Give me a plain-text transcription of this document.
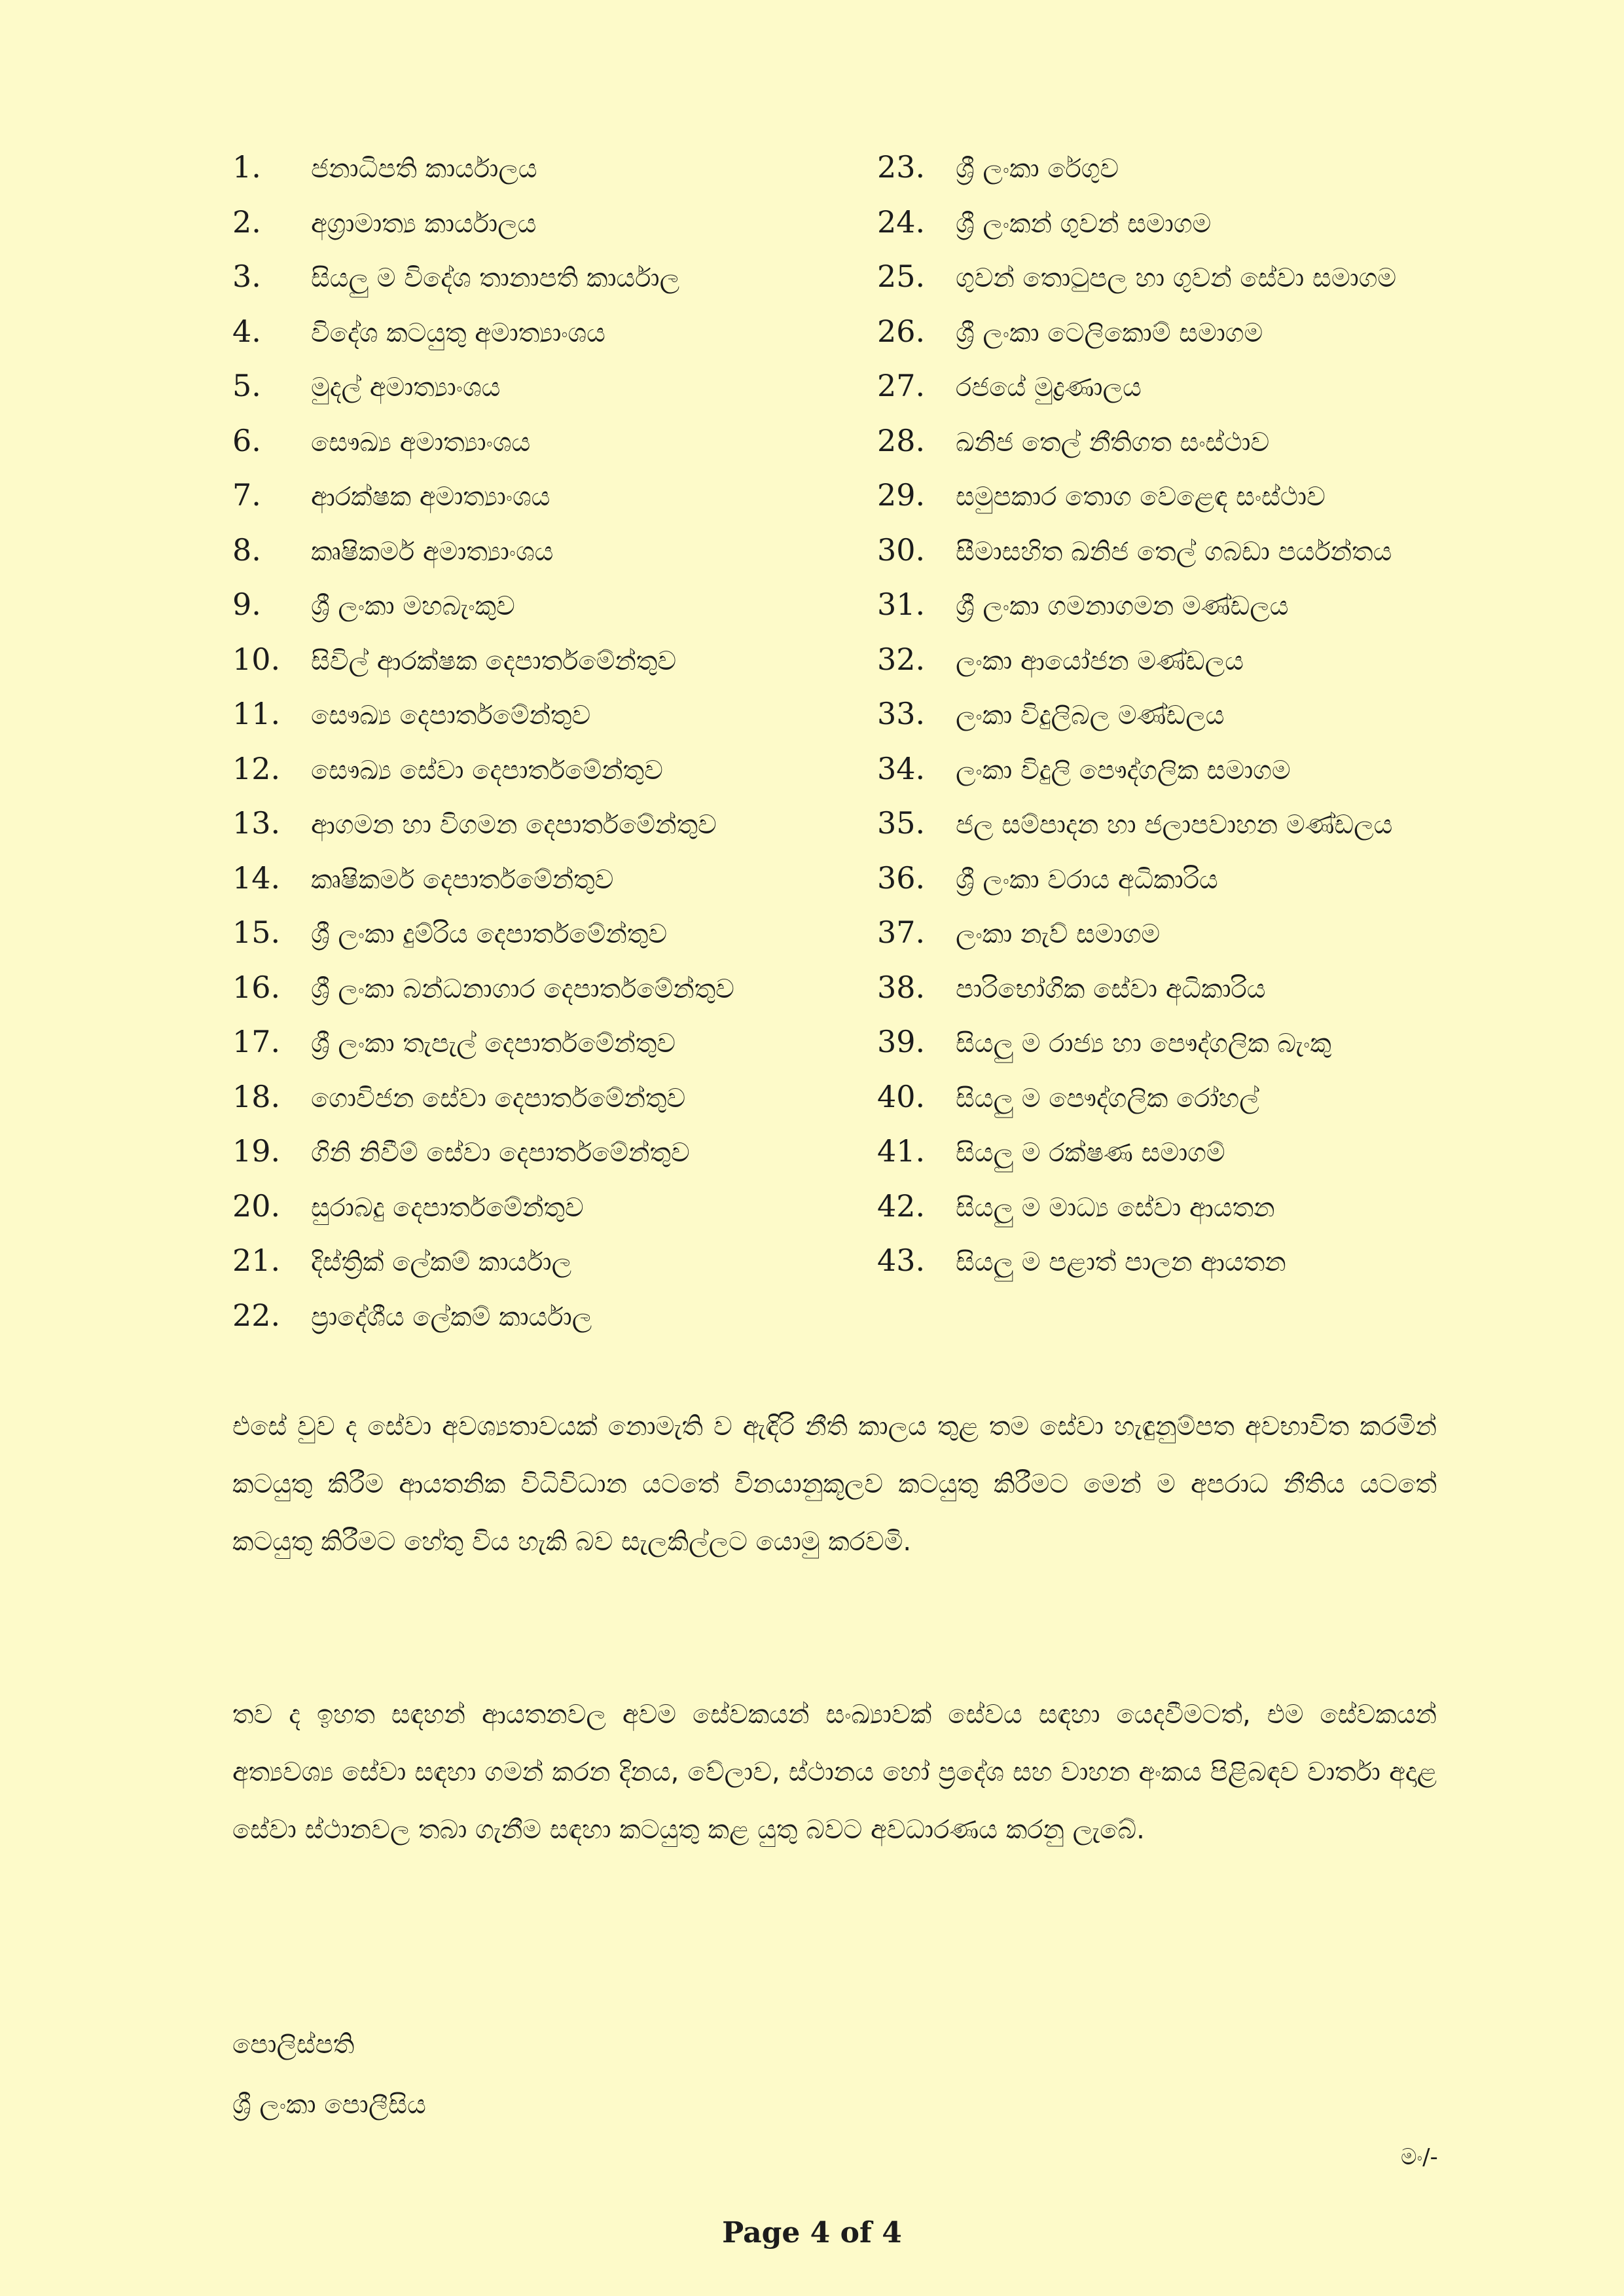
1.	ජනාධිපති කාර්යාලය
2.	අග්‍රාමාත්‍ය කාර්යාලය
3.	සියලු ම විදේශ තානාපති කාර්යාල
4.	විදේශ කටයුතු අමාත්‍යාංශය
5.	මුදල් අමාත්‍යාංශය
6.	සෞඛ්‍ය අමාත්‍යාංශය
7.	ආරක්ෂක අමාත්‍යාංශය
8.	කෘෂිකර්ම අමාත්‍යාංශය
9.	ශ්‍රී ලංකා මහබැංකුව
10.	සිවිල් ආරක්ෂක දෙපාර්තමේන්තුව
11.	සෞඛ්‍ය දෙපාර්තමේන්තුව
12.	සෞඛ්‍ය සේවා දෙපාර්තමේන්තුව
13.	ආගමන හා විගමන දෙපාර්තමේන්තුව
14.	කෘෂිකර්ම දෙපාර්තමේන්තුව
15.	ශ්‍රී ලංකා දුම්රිය දෙපාර්තමේන්තුව
16.	ශ්‍රී ලංකා බන්ධනාගාර දෙපාර්තමේන්තුව
17.	ශ්‍රී ලංකා තැපැල් දෙපාර්තමේන්තුව
18.	ගොවිජන සේවා දෙපාර්තමේන්තුව
19.	ගිනි නිවීම් සේවා දෙපාර්තමේන්තුව
20.	සුරාබදු දෙපාර්තමේන්තුව
21.	දිස්ත්‍රික් ලේකම් කාර්යාල
22.	ප්‍රාදේශීය ලේකම් කාර්යාල
23.	ශ්‍රී ලංකා රේගුව
24.	ශ්‍රී ලංකන් ගුවන් සමාගම
25.	ගුවන් තොටුපල හා ගුවන් සේවා සමාගම
26.	ශ්‍රී ලංකා ටෙලිකොම් සමාගම
27.	රජයේ මුද්‍රණාලය
28.	ඛනිජ තෙල් නීතිගත සංස්ථාව
29.	සමුපකාර තොග වෙළෙඳ සංස්ථාව
30.	සීමාසහිත ඛනිජ තෙල් ගබඩා පර්යන්තය
31.	ශ්‍රී ලංකා ගමනාගමන මණ්ඩලය
32.	ලංකා ආයෝජන මණ්ඩලය
33.	ලංකා විදුලිබල මණ්ඩලය
34.	ලංකා විදුලි පෞද්ගලික සමාගම
35.	ජල සම්පාදන හා ජලාපවාහන මණ්ඩලය
36.	ශ්‍රී ලංකා වරාය අධිකාරිය
37.	ලංකා නැව් සමාගම
38.	පාරිභෝගික සේවා අධිකාරිය
39.	සියලු ම රාජ්‍ය හා පෞද්ගලික බැංකු
40.	සියලු ම පෞද්ගලික රෝහල්
41.	සියලු ම රක්ෂණ සමාගම්
42.	සියලු ම මාධ්‍ය සේවා ආයතන
43.	සියලු ම පළාත් පාලන ආයතන
එසේ වුව ද සේවා අවශ්‍යතාවයක් නොමැති ව ඇඳිරි නීති කාලය තුළ තම සේවා හැඳුනුම්පත අවභාවිත කරමින් කටයුතු කිරීම ආයතනික විධිවිධාන යටතේ විනයානුකූලව කටයුතු කිරීමට මෙන් ම අපරාධ නීතිය යටතේ කටයුතු කිරීමට හේතු විය හැකි බව සැලකිල්ලට යොමු කරවමි.
තව ද ඉහත සඳහන් ආයතනවල අවම සේවකයන් සංඛ්‍යාවක් සේවය සඳහා යෙදවීමටත්, එම සේවකයන් අත්‍යවශ්‍ය සේවා සඳහා ගමන් කරන දිනය, වේලාව, ස්ථානය හෝ ප්‍රදේශ සහ වාහන අංකය පිළිබඳව වාර්තා අදාළ සේවා ස්ථානවල තබා ගැනීම සඳහා කටයුතු කළ යුතු බවට අවධාරණය කරනු ලැබේ.
පොලිස්පති
ශ්‍රී ලංකා පොලීසිය
මං/-
Page 4 of 4
